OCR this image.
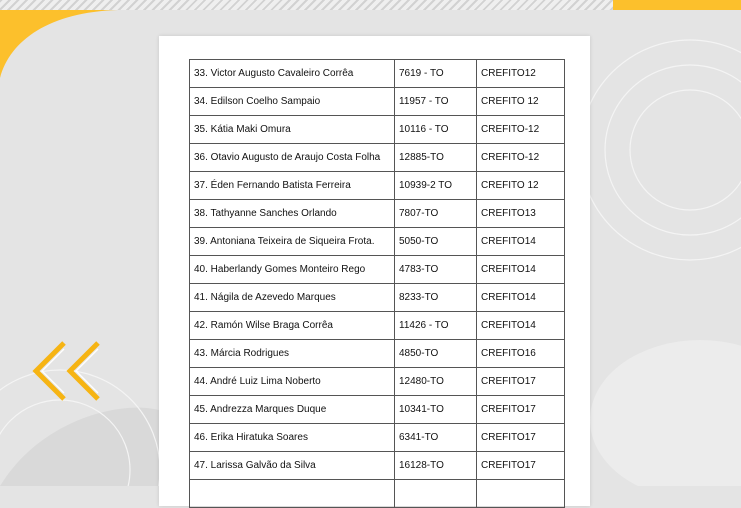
33. Victor Augusto Cavaleiro Corrêa	7619 - TO	CREFITO12
34. Edilson Coelho Sampaio	11957 - TO	CREFITO 12
35. Kátia Maki Omura	10116 - TO	CREFITO-12
36. Otavio Augusto de Araujo Costa Folha	12885-TO	CREFITO-12
37. Éden Fernando Batista Ferreira	10939-2 TO	CREFITO 12
38. Tathyanne Sanches Orlando	7807-TO	CREFITO13
39. Antoniana Teixeira de Siqueira Frota.	5050-TO	CREFITO14
40. Haberlandy Gomes Monteiro Rego	4783-TO	CREFITO14
41. Nágila de Azevedo Marques	8233-TO	CREFITO14
42. Ramón Wilse Braga Corrêa	11426 - TO	CREFITO14
43. Márcia Rodrigues	4850-TO	CREFITO16
44. André Luiz Lima Noberto	12480-TO	CREFITO17
45. Andrezza Marques Duque	10341-TO	CREFITO17
46. Erika Hiratuka Soares	6341-TO	CREFITO17
47. Larissa Galvão da Silva	16128-TO	CREFITO17
